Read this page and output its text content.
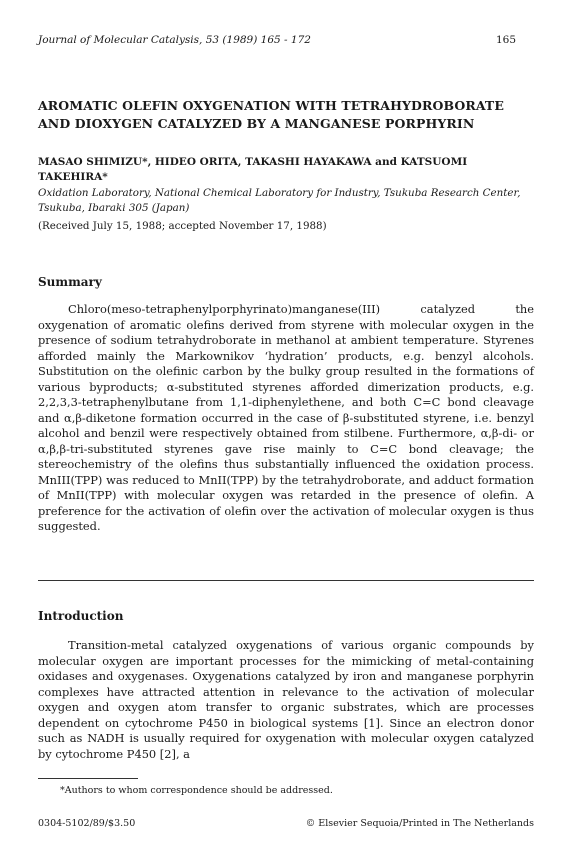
Journal of Molecular Catalysis, 53 (1989) 165 - 172	165
AROMATIC OLEFIN OXYGENATION WITH TETRAHYDROBORATE AND DIOXYGEN CATALYZED BY A MANGANESE PORPHYRIN
MASAO SHIMIZU*, HIDEO ORITA, TAKASHI HAYAKAWA and KATSUOMI TAKEHIRA*
Oxidation Laboratory, National Chemical Laboratory for Industry, Tsukuba Research Center, Tsukuba, Ibaraki 305 (Japan)
(Received July 15, 1988; accepted November 17, 1988)
Summary

Chloro(meso-tetraphenylporphyrinato)manganese(III) catalyzed the oxygenation of aromatic olefins derived from styrene with molecular oxygen in the presence of sodium tetrahydroborate in methanol at ambient temperature. Styrenes afforded mainly the Markownikov ‘hydration’ products, e.g. benzyl alcohols. Substitution on the olefinic carbon by the bulky group resulted in the formations of various byproducts; α-substituted styrenes afforded dimerization products, e.g. 2,2,3,3-tetraphenylbutane from 1,1-diphenylethene, and both C=C bond cleavage and α,β-diketone formation occurred in the case of β-substituted styrene, i.e. benzyl alcohol and benzil were respectively obtained from stilbene. Furthermore, α,β-di- or α,β,β-tri-substituted styrenes gave rise mainly to C=C bond cleavage; the stereochemistry of the olefins thus substantially influenced the oxidation process. MnIII(TPP) was reduced to MnII(TPP) by the tetrahydroborate, and adduct formation of MnII(TPP) with molecular oxygen was retarded in the presence of olefin. A preference for the activation of olefin over the activation of molecular oxygen is thus suggested.

Introduction

Transition-metal catalyzed oxygenations of various organic compounds by molecular oxygen are important processes for the mimicking of metal-containing oxidases and oxygenases. Oxygenations catalyzed by iron and manganese porphyrin complexes have attracted attention in relevance to the activation of molecular oxygen and oxygen atom transfer to organic substrates, which are processes dependent on cytochrome P450 in biological systems [1]. Since an electron donor such as NADH is usually required for oxygenation with molecular oxygen catalyzed by cytochrome P450 [2], a

*Authors to whom correspondence should be addressed.
0304-5102/89/$3.50	© Elsevier Sequoia/Printed in The Netherlands
